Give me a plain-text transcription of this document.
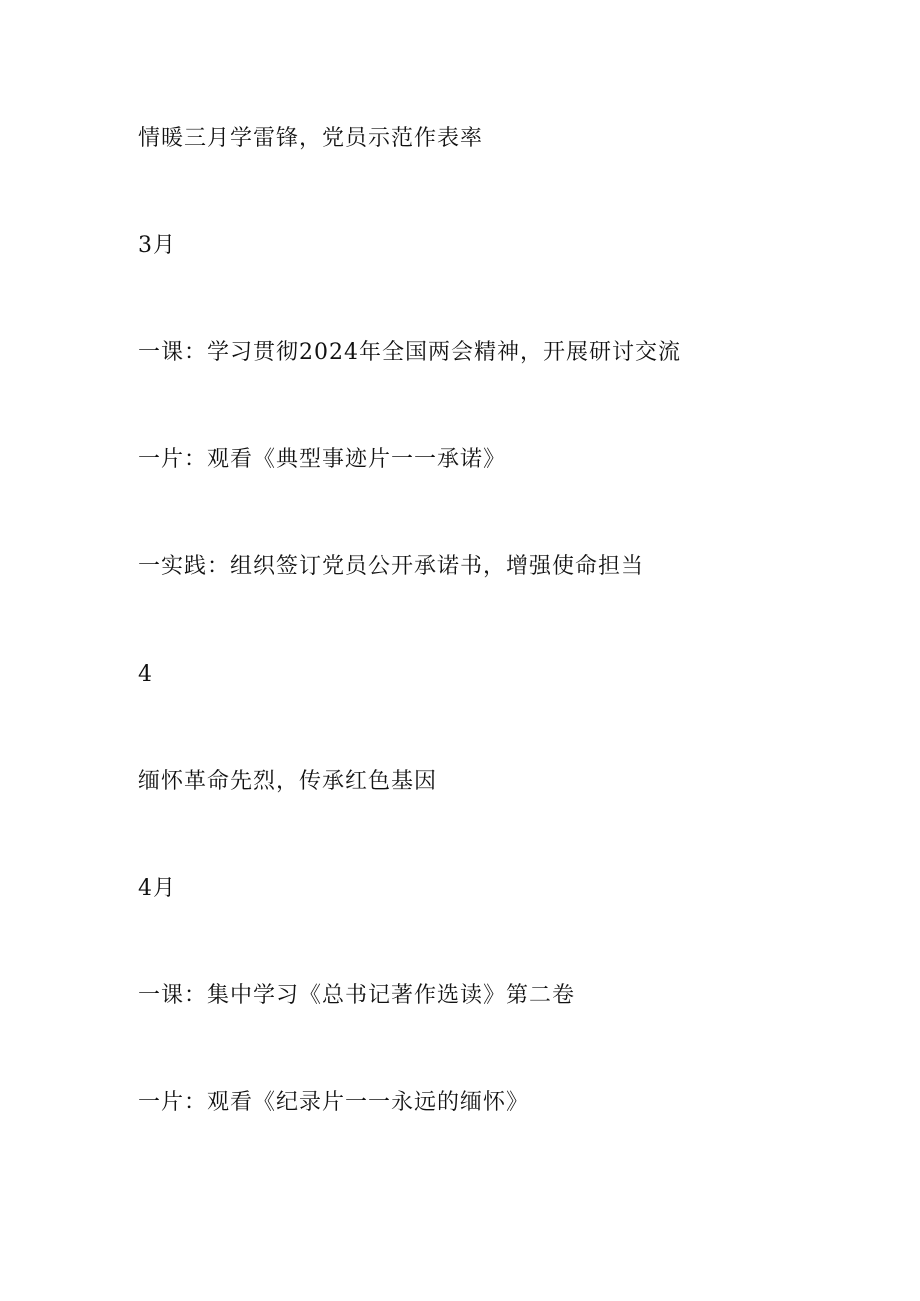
情暖三月学雷锋，党员示范作表率
3月
一课：学习贯彻2024年全国两会精神，开展研讨交流
一片：观看《典型事迹片一一承诺》
一实践：组织签订党员公开承诺书，增强使命担当
4
缅怀革命先烈，传承红色基因
4月
一课：集中学习《总书记著作选读》第二卷
一片：观看《纪录片一一永远的缅怀》
